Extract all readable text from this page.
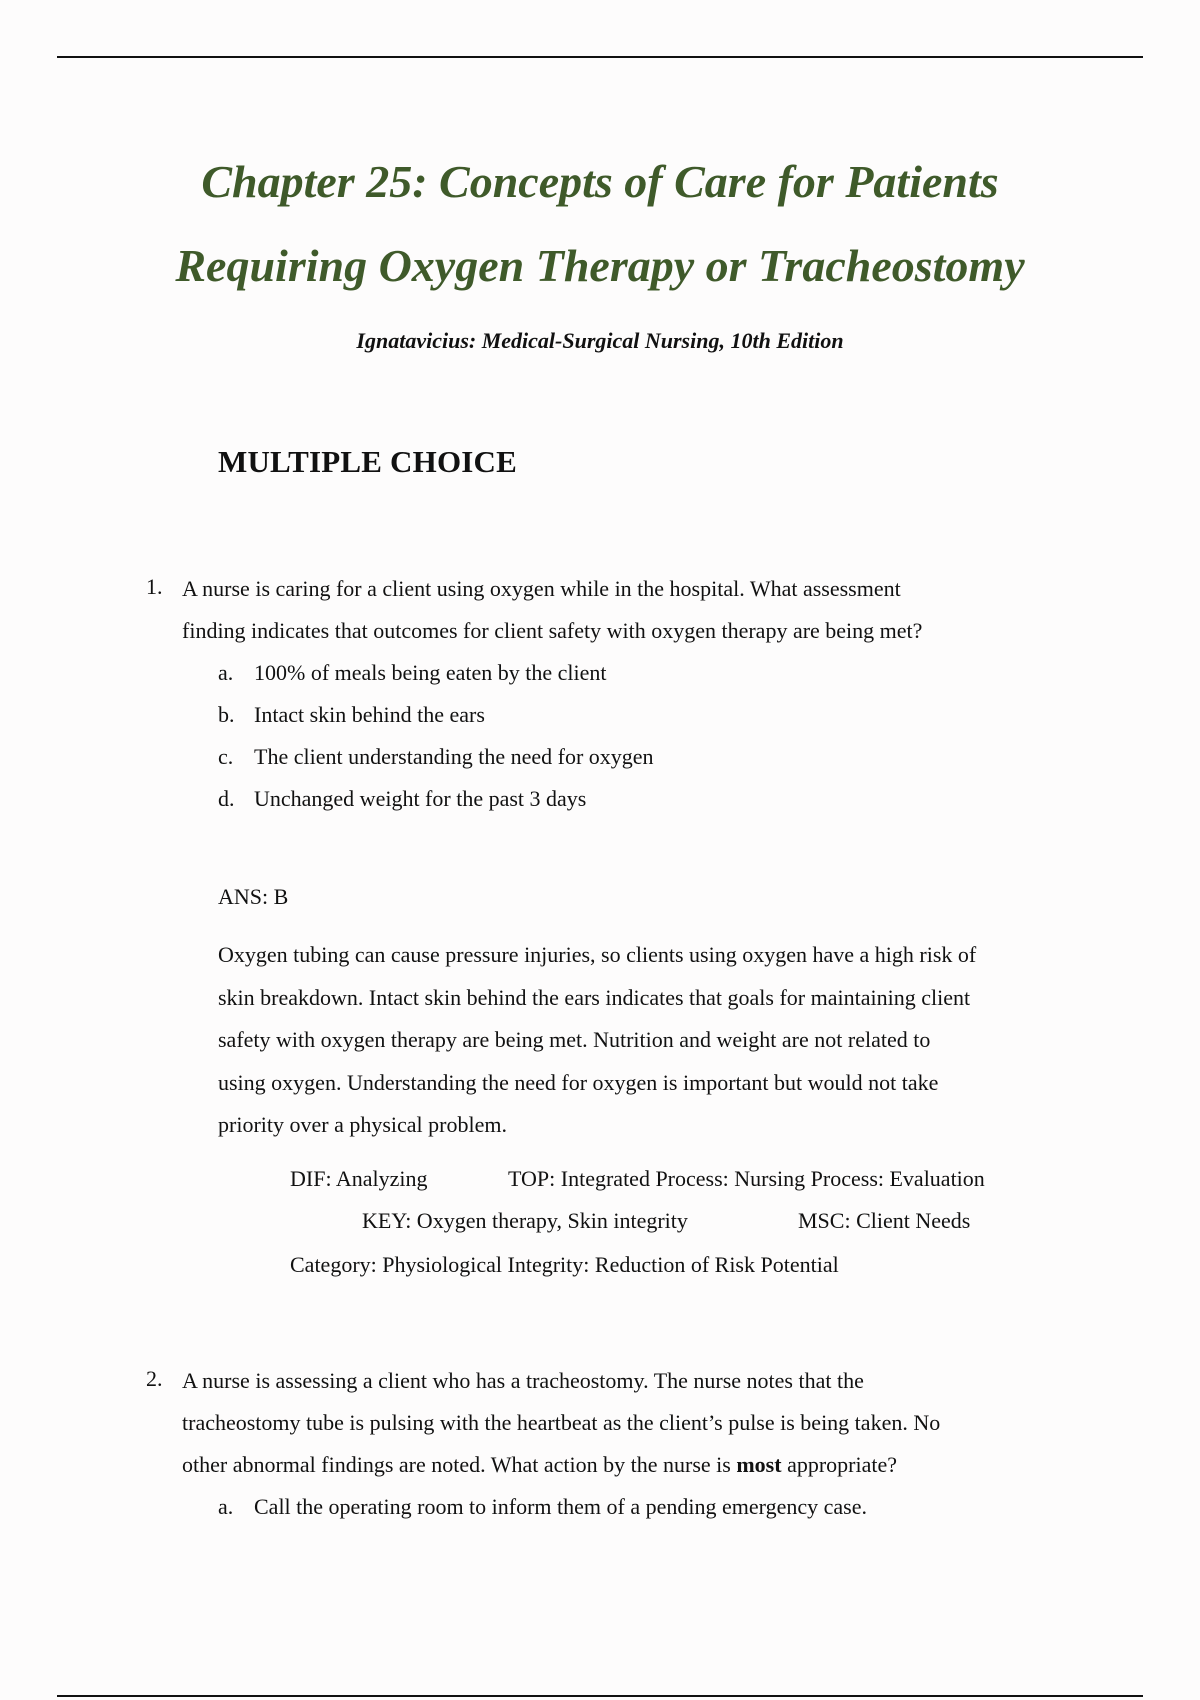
Chapter 25: Concepts of Care for Patients
Requiring Oxygen Therapy or Tracheostomy
Ignatavicius: Medical-Surgical Nursing, 10th Edition
MULTIPLE CHOICE
1. A nurse is caring for a client using oxygen while in the hospital. What assessment
finding indicates that outcomes for client safety with oxygen therapy are being met?
a. 100% of meals being eaten by the client
b. Intact skin behind the ears
c. The client understanding the need for oxygen
d. Unchanged weight for the past 3 days
ANS: B
Oxygen tubing can cause pressure injuries, so clients using oxygen have a high risk of
skin breakdown. Intact skin behind the ears indicates that goals for maintaining client
safety with oxygen therapy are being met. Nutrition and weight are not related to
using oxygen. Understanding the need for oxygen is important but would not take
priority over a physical problem.
DIF: Analyzing	TOP: Integrated Process: Nursing Process: Evaluation
KEY: Oxygen therapy, Skin integrity	MSC: Client Needs
Category: Physiological Integrity: Reduction of Risk Potential
2. A nurse is assessing a client who has a tracheostomy. The nurse notes that the
tracheostomy tube is pulsing with the heartbeat as the client’s pulse is being taken. No
other abnormal findings are noted. What action by the nurse is most appropriate?
a. Call the operating room to inform them of a pending emergency case.
